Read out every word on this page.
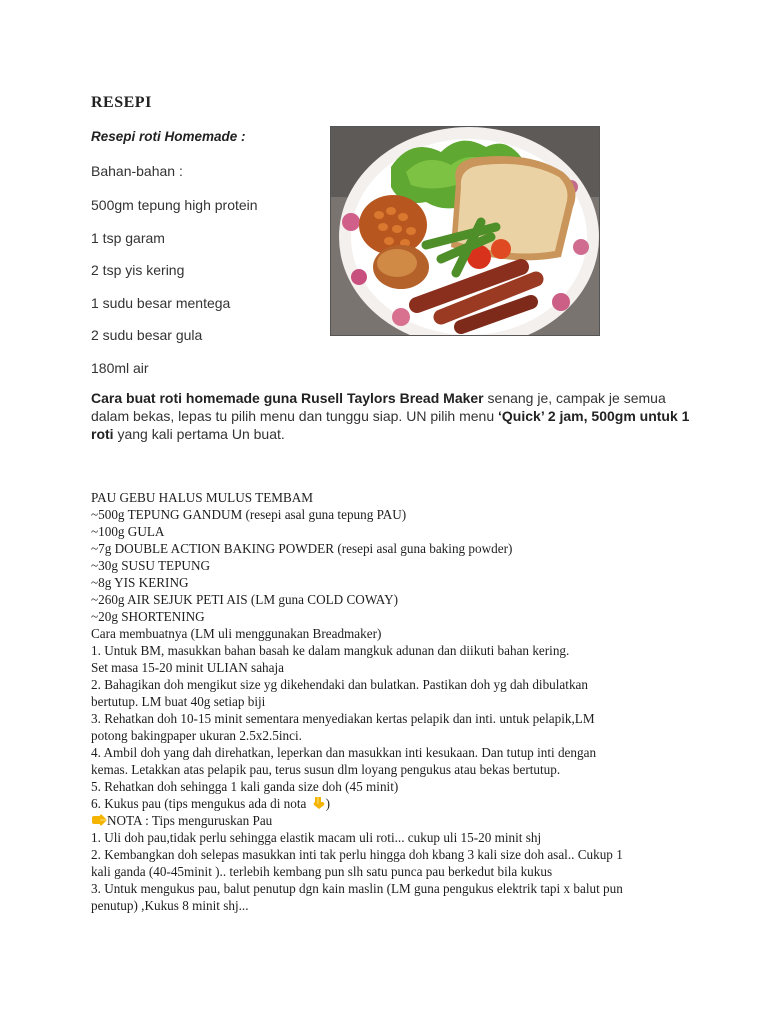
RESEPI
Resepi roti Homemade :
Bahan-bahan :
500gm tepung high protein
1 tsp garam
2 tsp yis kering
1 sudu besar mentega
2 sudu besar gula
180ml air
Cara buat roti homemade guna Rusell Taylors Bread Maker senang je, campak je semua dalam bekas, lepas tu pilih menu dan tunggu siap. UN pilih menu ‘Quick’ 2 jam, 500gm untuk 1 roti yang kali pertama Un buat.
PAU GEBU HALUS MULUS TEMBAM
~500g TEPUNG GANDUM (resepi asal guna tepung PAU)
~100g GULA
~7g DOUBLE ACTION BAKING POWDER (resepi asal guna baking powder)
~30g SUSU TEPUNG
~8g YIS KERING
~260g AIR SEJUK PETI AIS (LM guna COLD COWAY)
~20g SHORTENING
Cara membuatnya (LM uli menggunakan Breadmaker)
1. Untuk BM, masukkan bahan basah ke dalam mangkuk adunan dan diikuti bahan kering.
Set masa 15-20 minit ULIAN sahaja
2. Bahagikan doh mengikut size yg dikehendaki dan bulatkan. Pastikan doh yg dah dibulatkan
bertutup. LM buat 40g setiap biji
3. Rehatkan doh 10-15 minit sementara menyediakan kertas pelapik dan inti. untuk pelapik,LM
potong bakingpaper ukuran 2.5x2.5inci.
4. Ambil doh yang dah direhatkan, leperkan dan masukkan inti kesukaan. Dan tutup inti dengan
kemas. Letakkan atas pelapik pau, terus susun dlm loyang pengukus atau bekas bertutup.
5. Rehatkan doh sehingga 1 kali ganda size doh (45 minit)
6. Kukus pau (tips mengukus ada di nota )
NOTA : Tips menguruskan Pau
1. Uli doh pau,tidak perlu sehingga elastik macam uli roti... cukup uli 15-20 minit shj
2. Kembangkan doh selepas masukkan inti tak perlu hingga doh kbang 3 kali size doh asal.. Cukup 1
kali ganda (40-45minit ).. terlebih kembang pun slh satu punca pau berkedut bila kukus
3. Untuk mengukus pau, balut penutup dgn kain maslin (LM guna pengukus elektrik tapi x balut pun
penutup) ,Kukus 8 minit shj...
